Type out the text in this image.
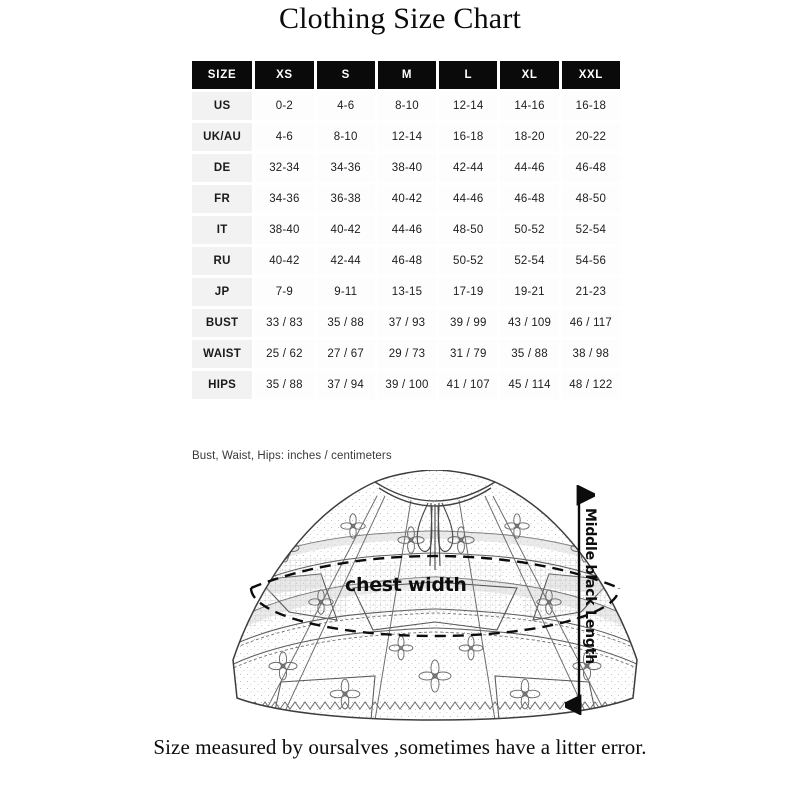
Clothing Size Chart
SIZE	XS	S	M	L	XL	XXL
US	0-2	4-6	8-10	12-14	14-16	16-18
UK/AU	4-6	8-10	12-14	16-18	18-20	20-22
DE	32-34	34-36	38-40	42-44	44-46	46-48
FR	34-36	36-38	40-42	44-46	46-48	48-50
IT	38-40	40-42	44-46	48-50	50-52	52-54
RU	40-42	42-44	46-48	50-52	52-54	54-56
JP	7-9	9-11	13-15	17-19	19-21	21-23
BUST	33 / 83	35 / 88	37 / 93	39 / 99	43 / 109	46 / 117
WAIST	25 / 62	27 / 67	29 / 73	31 / 79	35 / 88	38 / 98
HIPS	35 / 88	37 / 94	39 / 100	41 / 107	45 / 114	48 / 122
Bust, Waist, Hips: inches / centimeters
chest width	Middle black Length
Size measured by oursalves ,sometimes have a litter error.
